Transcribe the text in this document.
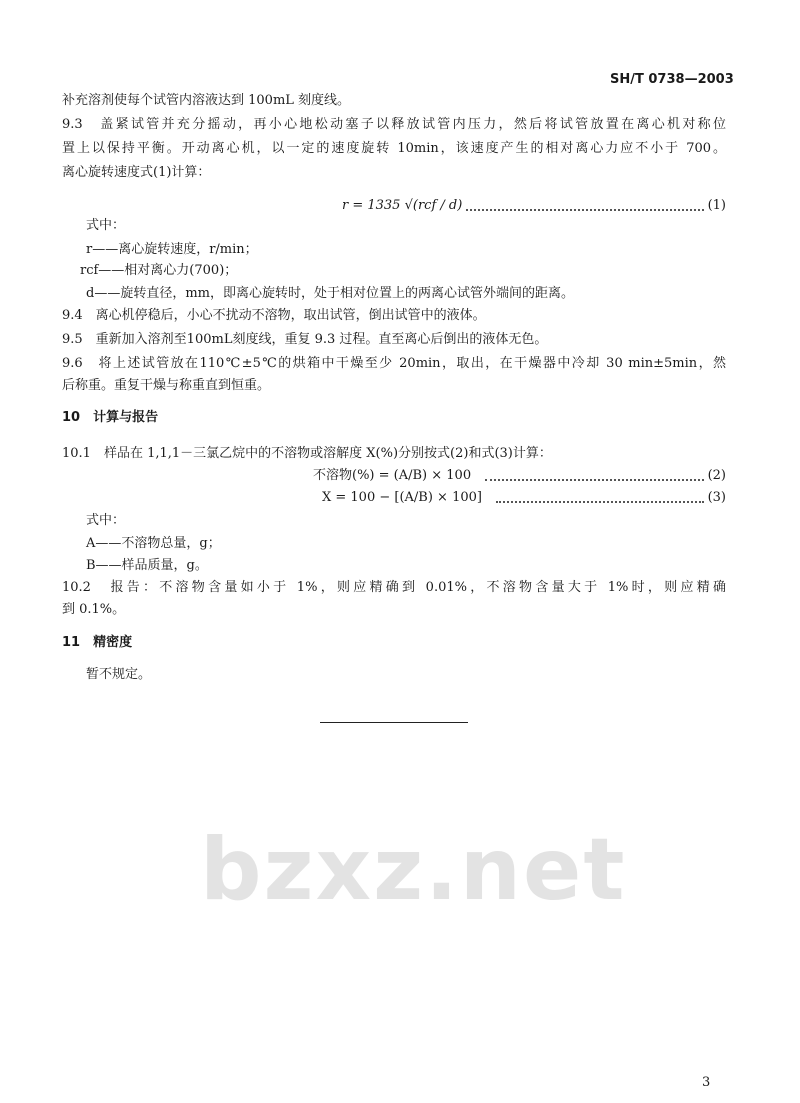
SH/T 0738—2003
补充溶剂使每个试管内溶液达到 100mL 刻度线。
9.3　盖紧试管并充分摇动，再小心地松动塞子以释放试管内压力，然后将试管放置在离心机对称位
置上以保持平衡。开动离心机，以一定的速度旋转 10min，该速度产生的相对离心力应不小于 700。
离心旋转速度式(1)计算：
r = 1335 √(rcf / d)	(1)
式中：
r——离心旋转速度，r/min；
rcf——相对离心力(700)；
d——旋转直径，mm，即离心旋转时，处于相对位置上的两离心试管外端间的距离。
9.4　离心机停稳后，小心不扰动不溶物，取出试管，倒出试管中的液体。
9.5　重新加入溶剂至100mL刻度线，重复 9.3 过程。直至离心后倒出的液体无色。
9.6　将上述试管放在110℃±5℃的烘箱中干燥至少 20min，取出，在干燥器中冷却 30 min±5min，然
后称重。重复干燥与称重直到恒重。
10　计算与报告
10.1　样品在 1,1,1－三氯乙烷中的不溶物或溶解度 X(%)分别按式(2)和式(3)计算：
不溶物(%) = (A/B) × 100	(2)
X = 100 − [(A/B) × 100]	(3)
式中：
A——不溶物总量，g；
B——样品质量，g。
10.2　报告：不溶物含量如小于 1%，则应精确到 0.01%，不溶物含量大于 1%时，则应精确
到 0.1%。
11　精密度
暂不规定。
bzxz.net
3
